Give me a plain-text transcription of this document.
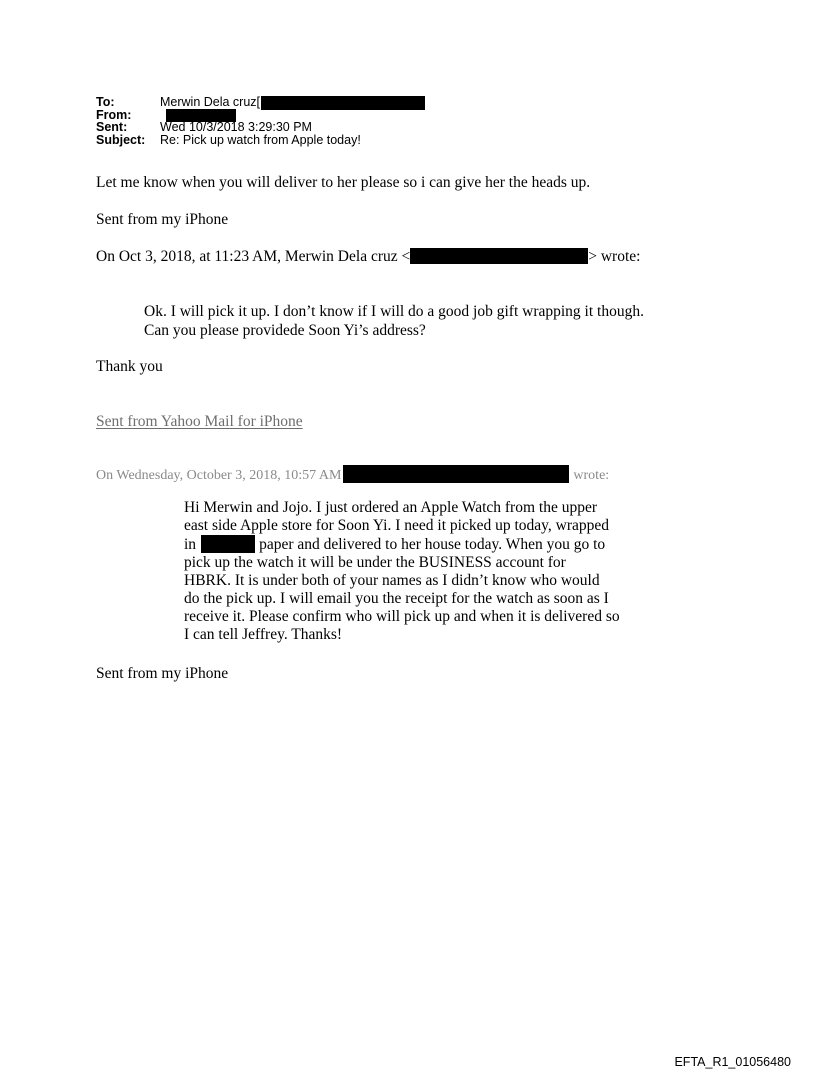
To:	Merwin Dela cruz[
From:
Sent:	Wed 10/3/2018 3:29:30 PM
Subject: Re: Pick up watch from Apple today!
Let me know when you will deliver to her please so i can give her the heads up.
Sent from my iPhone
On Oct 3, 2018, at 11:23 AM, Merwin Dela cruz <	> wrote:
Ok. I will pick it up. I don’t know if I will do a good job gift wrapping it though.
Can you please providede Soon Yi’s address?
Thank you
Sent from Yahoo Mail for iPhone
On Wednesday, October 3, 2018, 10:57 AM	wrote:
Hi Merwin and Jojo. I just ordered an Apple Watch from the upper
east side Apple store for Soon Yi. I need it picked up today, wrapped
in	paper and delivered to her house today. When you go to
pick up the watch it will be under the BUSINESS account for
HBRK. It is under both of your names as I didn’t know who would
do the pick up. I will email you the receipt for the watch as soon as I
receive it. Please confirm who will pick up and when it is delivered so
I can tell Jeffrey. Thanks!
Sent from my iPhone
EFTA_R1_01056480
